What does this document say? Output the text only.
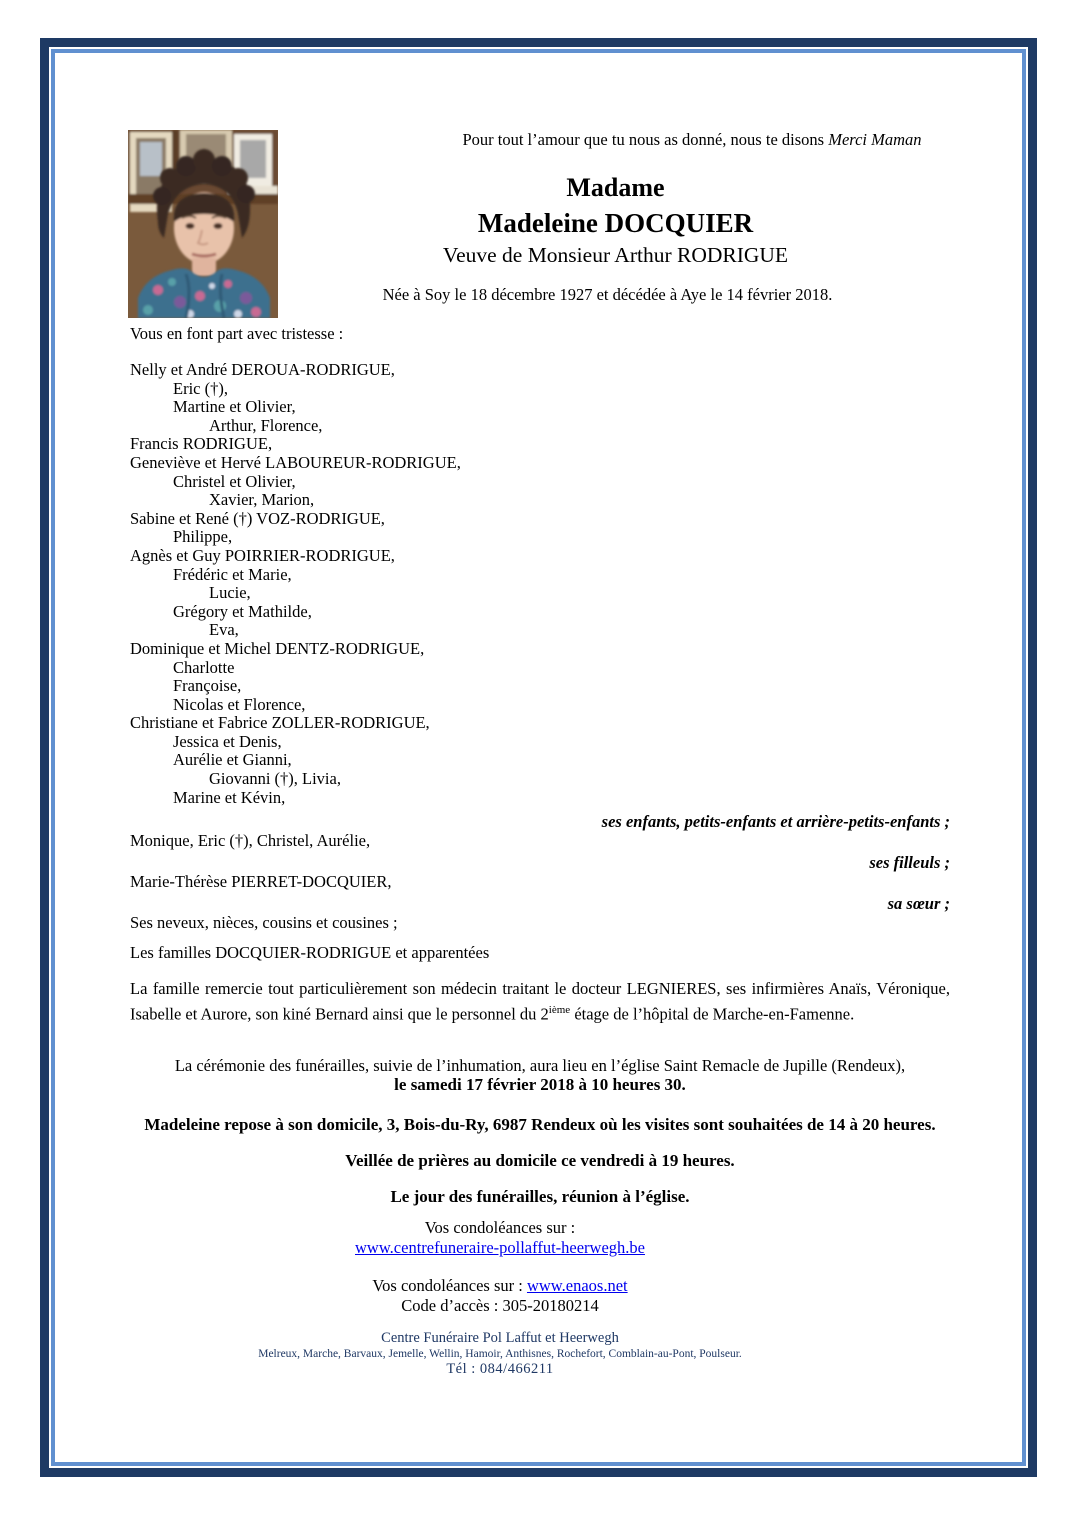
Pour tout l’amour que tu nous as donné, nous te disons Merci Maman
Madame
Madeleine DOCQUIER
Veuve de Monsieur Arthur RODRIGUE
Née à Soy le 18 décembre 1927 et décédée à Aye le 14 février 2018.
Vous en font part avec tristesse :
Nelly et André DEROUA-RODRIGUE,
Eric (†),
Martine et Olivier,
Arthur, Florence,
Francis RODRIGUE,
Geneviève et Hervé LABOUREUR-RODRIGUE,
Christel et Olivier,
Xavier, Marion,
Sabine et René (†) VOZ-RODRIGUE,
Philippe,
Agnès et Guy POIRRIER-RODRIGUE,
Frédéric et Marie,
Lucie,
Grégory et Mathilde,
Eva,
Dominique et Michel DENTZ-RODRIGUE,
Charlotte
Françoise,
Nicolas et Florence,
Christiane et Fabrice ZOLLER-RODRIGUE,
Jessica et Denis,
Aurélie et Gianni,
Giovanni (†), Livia,
Marine et Kévin,
ses enfants, petits-enfants et arrière-petits-enfants ;
Monique, Eric (†), Christel, Aurélie,
ses filleuls ;
Marie-Thérèse PIERRET-DOCQUIER,
sa sœur ;
Ses neveux, nièces, cousins et cousines ;
Les familles DOCQUIER-RODRIGUE et apparentées

La famille remercie tout particulièrement son médecin traitant le docteur LEGNIERES, ses infirmières Anaïs, Véronique, Isabelle et Aurore, son kiné Bernard ainsi que le personnel du 2ième étage de l’hôpital de Marche-en-Famenne.

La cérémonie des funérailles, suivie de l’inhumation, aura lieu en l’église Saint Remacle de Jupille (Rendeux),
le samedi 17 février 2018 à 10 heures 30.
Madeleine repose à son domicile, 3, Bois-du-Ry, 6987 Rendeux où les visites sont souhaitées de 14 à 20 heures.
Veillée de prières au domicile ce vendredi à 19 heures.
Le jour des funérailles, réunion à l’église.
Vos condoléances sur :
www.centrefuneraire-pollaffut-heerwegh.be
Vos condoléances sur : www.enaos.net
Code d’accès : 305-20180214
Centre Funéraire Pol Laffut et Heerwegh
Melreux, Marche, Barvaux, Jemelle, Wellin, Hamoir, Anthisnes, Rochefort, Comblain-au-Pont, Poulseur.
Tél : 084/466211
